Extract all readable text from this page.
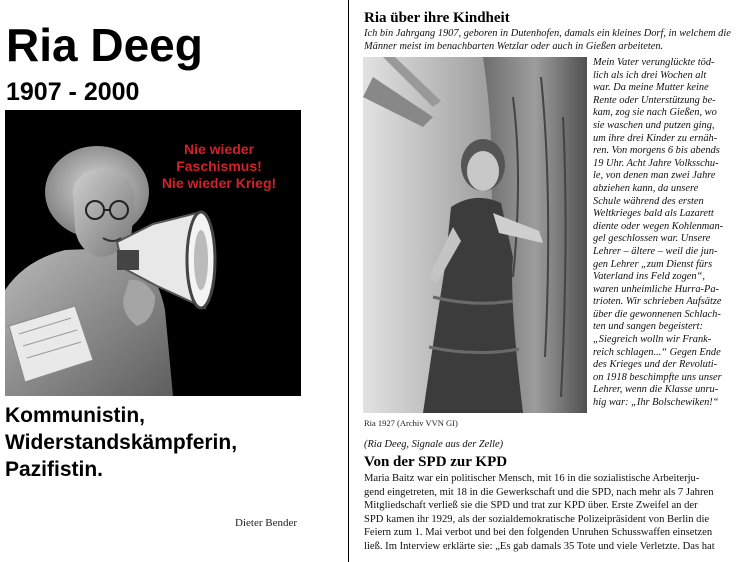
Ria Deeg
1907 - 2000
Nie wieder
Faschismus!
Nie wieder Krieg!
Kommunistin,
Widerstandskämpferin,
Pazifistin.
Dieter Bender
Ria über ihre Kindheit
Ich bin Jahrgang 1907, geboren in Dutenhofen, damals ein kleines Dorf, in welchem die Männer meist im benachbarten Wetzlar oder auch in Gießen arbeiteten.
Ria 1927 (Archiv VVN GI)
Mein Vater verunglückte töd-
lich als ich drei Wochen alt
war. Da meine Mutter keine
Rente oder Unterstützung be-
kam, zog sie nach Gießen, wo
sie waschen und putzen ging,
um ihre drei Kinder zu ernäh-
ren. Von morgens 6 bis abends
19 Uhr. Acht Jahre Volksschu-
le, von denen man zwei Jahre
abziehen kann, da unsere
Schule während des ersten
Weltkrieges bald als Lazarett
diente oder wegen Kohlenman-
gel geschlossen war. Unsere
Lehrer – ältere – weil die jun-
gen Lehrer „zum Dienst fürs
Vaterland ins Feld zogen“,
waren unheimliche Hurra-Pa-
trioten. Wir schrieben Aufsätze
über die gewonnenen Schlach-
ten und sangen begeistert:
„Siegreich wolln wir Frank-
reich schlagen...“ Gegen Ende
des Krieges und der Revoluti-
on 1918 beschimpfte uns unser
Lehrer, wenn die Klasse unru-
hig war: „Ihr Bolschewiken!“
(Ria Deeg, Signale aus der Zelle)
Von der SPD zur KPD
Maria Baitz war ein politischer Mensch, mit 16 in die sozialistische Arbeiterju-
gend eingetreten, mit 18 in die Gewerkschaft und die SPD, nach mehr als 7 Jahren
Mitgliedschaft verließ sie die SPD und trat zur KPD über. Erste Zweifel an der
SPD kamen ihr 1929, als der sozialdemokratische Polizeipräsident von Berlin die
Feiern zum 1. Mai verbot und bei den folgenden Unruhen Schusswaffen einsetzen
ließ. Im Interview erklärte sie: „Es gab damals 35 Tote und viele Verletzte. Das hat
